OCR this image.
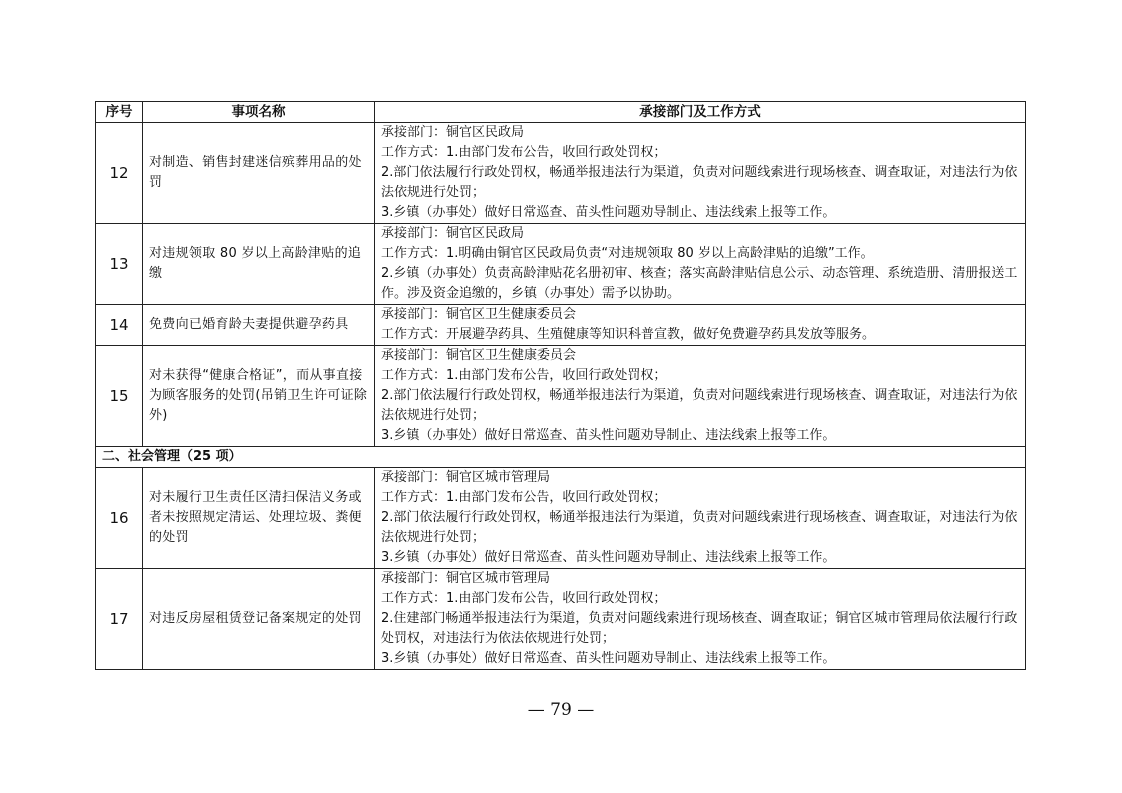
序号	事项名称	承接部门及工作方式
12	对制造、销售封建迷信殡葬用品的处罚	承接部门：铜官区民政局
工作方式：1.由部门发布公告，收回行政处罚权；
2.部门依法履行行政处罚权，畅通举报违法行为渠道，负责对问题线索进行现场核查、调查取证，对违法行为依法依规进行处罚；
3.乡镇（办事处）做好日常巡查、苗头性问题劝导制止、违法线索上报等工作。

13	对违规领取 80 岁以上高龄津贴的追缴	承接部门：铜官区民政局
工作方式：1.明确由铜官区民政局负责“对违规领取 80 岁以上高龄津贴的追缴”工作。
2.乡镇（办事处）负责高龄津贴花名册初审、核查；落实高龄津贴信息公示、动态管理、系统造册、清册报送工作。涉及资金追缴的，乡镇（办事处）需予以协助。

14	免费向已婚育龄夫妻提供避孕药具	承接部门：铜官区卫生健康委员会
工作方式：开展避孕药具、生殖健康等知识科普宣教，做好免费避孕药具发放等服务。

15	对未获得“健康合格证”，而从事直接为顾客服务的处罚(吊销卫生许可证除外)	承接部门：铜官区卫生健康委员会
工作方式：1.由部门发布公告，收回行政处罚权；
2.部门依法履行行政处罚权，畅通举报违法行为渠道，负责对问题线索进行现场核查、调查取证，对违法行为依法依规进行处罚；
3.乡镇（办事处）做好日常巡查、苗头性问题劝导制止、违法线索上报等工作。

二、社会管理（25 项）		
16	对未履行卫生责任区清扫保洁义务或者未按照规定清运、处理垃圾、粪便的处罚	承接部门：铜官区城市管理局
工作方式：1.由部门发布公告，收回行政处罚权；
2.部门依法履行行政处罚权，畅通举报违法行为渠道，负责对问题线索进行现场核查、调查取证，对违法行为依法依规进行处罚；
3.乡镇（办事处）做好日常巡查、苗头性问题劝导制止、违法线索上报等工作。

17	对违反房屋租赁登记备案规定的处罚	承接部门：铜官区城市管理局
工作方式：1.由部门发布公告，收回行政处罚权；
2.住建部门畅通举报违法行为渠道，负责对问题线索进行现场核查、调查取证；铜官区城市管理局依法履行行政处罚权，对违法行为依法依规进行处罚；
3.乡镇（办事处）做好日常巡查、苗头性问题劝导制止、违法线索上报等工作。
— 79 —
